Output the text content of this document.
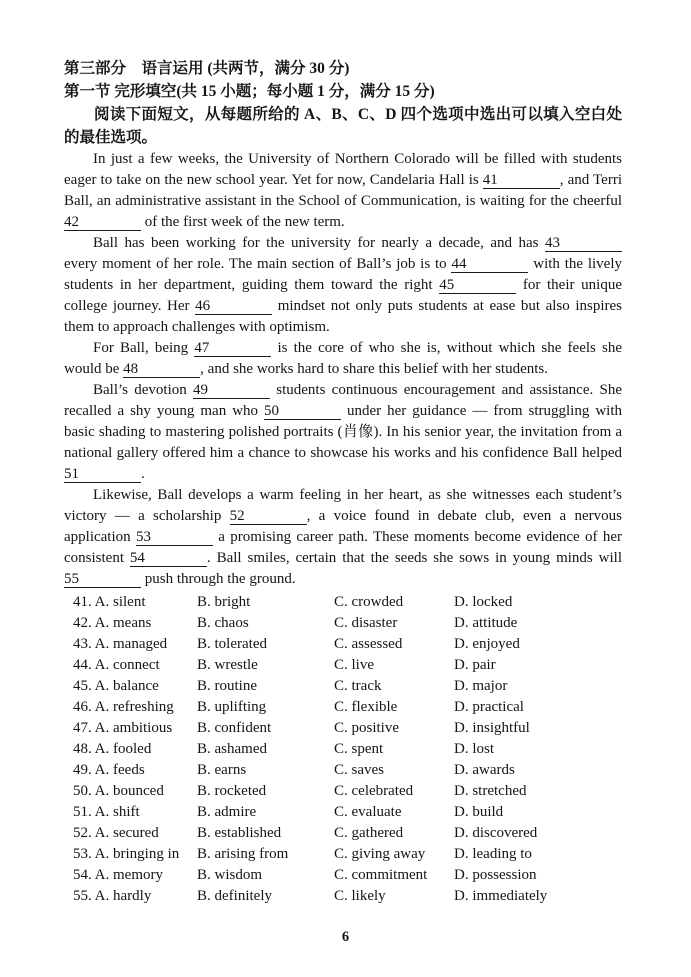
第三部分　语言运用 (共两节，满分 30 分)
第一节 完形填空(共 15 小题；每小题 1 分，满分 15 分)

阅读下面短文，从每题所给的 A、B、C、D 四个选项中选出可以填入空白处的最佳选项。

In just a few weeks, the University of Northern Colorado will be filled with students eager to take on the new school year. Yet for now, Candelaria Hall is 41	, and Terri Ball, an administrative assistant in the School of Communication, is waiting for the cheerful 42	of the first week of the new term.

Ball has been working for the university for nearly a decade, and has 43 every moment of her role. The main section of Ball’s job is to 44	with the lively students in her department, guiding them toward the right 45	for their unique college journey. Her 46	mindset not only puts students at ease but also inspires them to approach challenges with optimism.

For Ball, being 47	is the core of who she is, without which she feels she would be 48	, and she works hard to share this belief with her students.

Ball’s devotion 49	students continuous encouragement and assistance. She recalled a shy young man who 50	under her guidance — from struggling with basic shading to mastering polished portraits (肖像). In his senior year, the invitation from a national gallery offered him a chance to showcase his works and his confidence Ball helped 51	.

Likewise, Ball develops a warm feeling in her heart, as she witnesses each student’s victory — a scholarship 52	, a voice found in debate club, even a nervous application 53	a promising career path. These moments become evidence of her consistent 54	. Ball smiles, certain that the seeds she sows in young minds will 55	push through the ground.

41. A. silent	B. bright	C. crowded	D. locked
42. A. means	B. chaos	C. disaster	D. attitude
43. A. managed	B. tolerated	C. assessed	D. enjoyed
44. A. connect	B. wrestle	C. live	D. pair
45. A. balance	B. routine	C. track	D. major
46. A. refreshing	B. uplifting	C. flexible	D. practical
47. A. ambitious	B. confident	C. positive	D. insightful
48. A. fooled	B. ashamed	C. spent	D. lost
49. A. feeds	B. earns	C. saves	D. awards
50. A. bounced	B. rocketed	C. celebrated	D. stretched
51. A. shift	B. admire	C. evaluate	D. build
52. A. secured	B. established	C. gathered	D. discovered
53. A. bringing in	B. arising from	C. giving away	D. leading to
54. A. memory	B. wisdom	C. commitment	D. possession
55. A. hardly	B. definitely	C. likely	D. immediately
6
